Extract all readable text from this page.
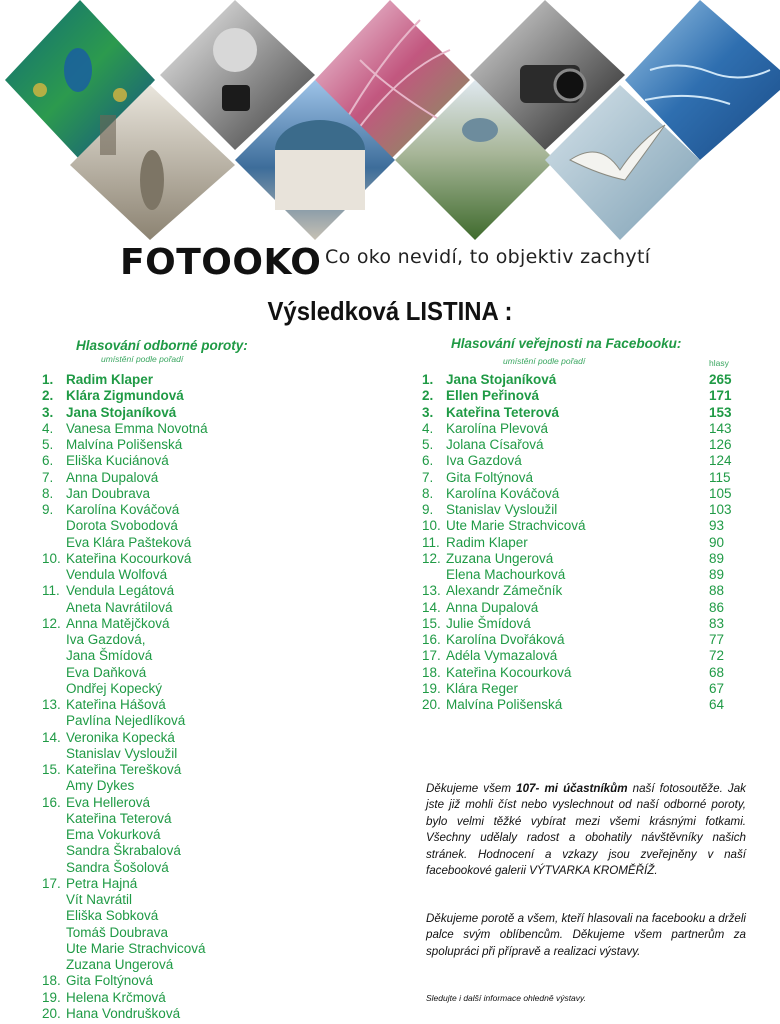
FOTOOKO Co oko nevidí, to objektiv zachytí
Výsledková LISTINA :
Hlasování odborné poroty:
umístění podle pořadí
1. Radim Klaper
2. Klára Zigmundová
3. Jana Stojaníková
4. Vanesa Emma Novotná
5. Malvína Polišenská
6. Eliška Kuciánová
7. Anna Dupalová
8. Jan Doubrava
9. Karolína Kováčová
Dorota Svobodová
Eva Klára Pašteková
10. Kateřina Kocourková
Vendula Wolfová
11. Vendula Legátová
Aneta Navrátilová
12. Anna Matějčková
Iva Gazdová,
Jana Šmídová
Eva Daňková
Ondřej Kopecký
13. Kateřina Hášová
Pavlína Nejedlíková
14. Veronika Kopecká
Stanislav Vysloužil
15. Kateřina Terešková
Amy Dykes
16. Eva Hellerová
Kateřina Teterová
Ema Vokurková
Sandra Škrabalová
Sandra Šošolová
17. Petra Hajná
Vít Navrátil
Eliška Sobková
Tomáš Doubrava
Ute Marie Strachvicová
Zuzana Ungerová
18. Gita Foltýnová
19. Helena Krčmová
20. Hana Vondrušková
Hlasování veřejnosti na Facebooku:
umístění podle pořadí	hlasy
1. Jana Stojaníková	265
2. Ellen Peřinová	171
3. Kateřina Teterová	153
4. Karolína Plevová	143
5. Jolana Císařová	126
6. Iva Gazdová	124
7. Gita Foltýnová	115
8. Karolína Kováčová	105
9. Stanislav Vysloužil	103
10. Ute Marie Strachvicová	93
11. Radim Klaper	90
12. Zuzana Ungerová	89
Elena Machourková	89
13. Alexandr Zámečník	88
14. Anna Dupalová	86
15. Julie Šmídová	83
16. Karolína Dvořáková	77
17. Adéla Vymazalová	72
18. Kateřina Kocourková	68
19. Klára Reger	67
20. Malvína Polišenská	64
Děkujeme všem 107- mi účastníkům naší fotosoutěže. Jak jste již mohli číst nebo vyslechnout od naší odborné poroty, bylo velmi těžké vybírat mezi všemi krásnými fotkami. Všechny udělaly radost a obohatily návštěvníky našich stránek. Hodnocení a vzkazy jsou zveřejněny v naší facebookové galerii VÝTVARKA KROMĚŘÍŽ.
Děkujeme porotě a všem, kteří hlasovali na facebooku a drželi palce svým oblíbencům. Děkujeme všem partnerům za spolupráci při přípravě a realizaci výstavy.
Sledujte i další informace ohledně výstavy.
